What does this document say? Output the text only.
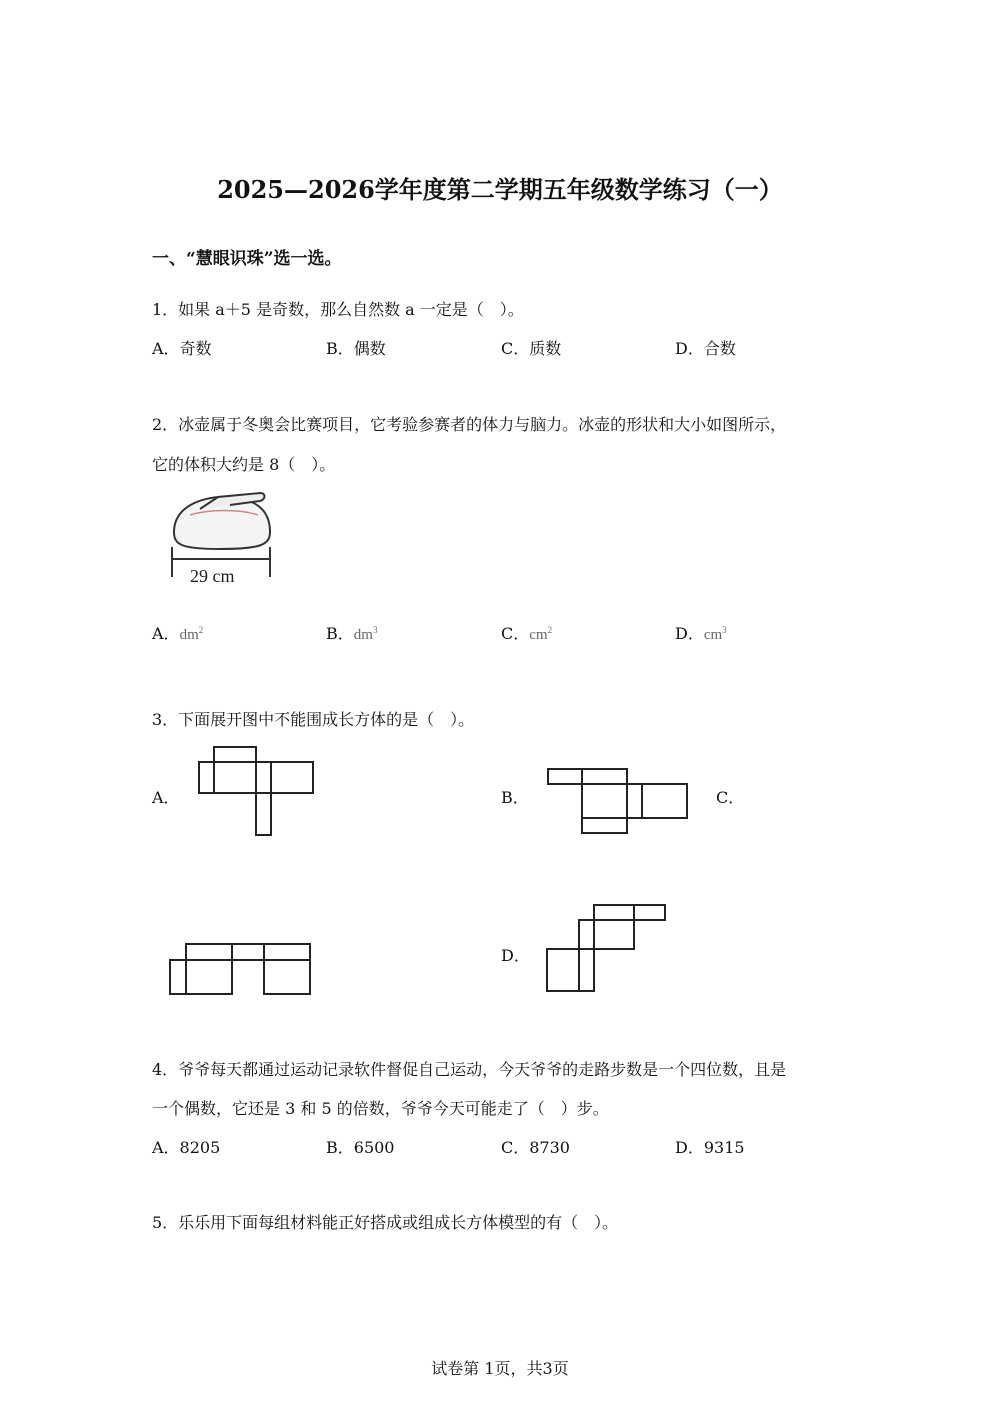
2025—2026学年度第二学期五年级数学练习（一）
一、“慧眼识珠”选一选。
1．如果 a＋5 是奇数，那么自然数 a 一定是（　）。
A．奇数	B．偶数	C．质数	D．合数
2．冰壶属于冬奥会比赛项目，它考验参赛者的体力与脑力。冰壶的形状和大小如图所示，
它的体积大约是 8（　）。
29 cm
A．$dm^2$	B．$dm^3$	C．$cm^2$	D．$cm^3$
3．下面展开图中不能围成长方体的是（　）。
A．	B．	C．
D．
4．爷爷每天都通过运动记录软件督促自己运动，今天爷爷的走路步数是一个四位数，且是
一个偶数，它还是 3 和 5 的倍数，爷爷今天可能走了（　）步。
A．8205	B．6500	C．8730	D．9315
5．乐乐用下面每组材料能正好搭成或组成长方体模型的有（　）。
试卷第 1页，共3页
